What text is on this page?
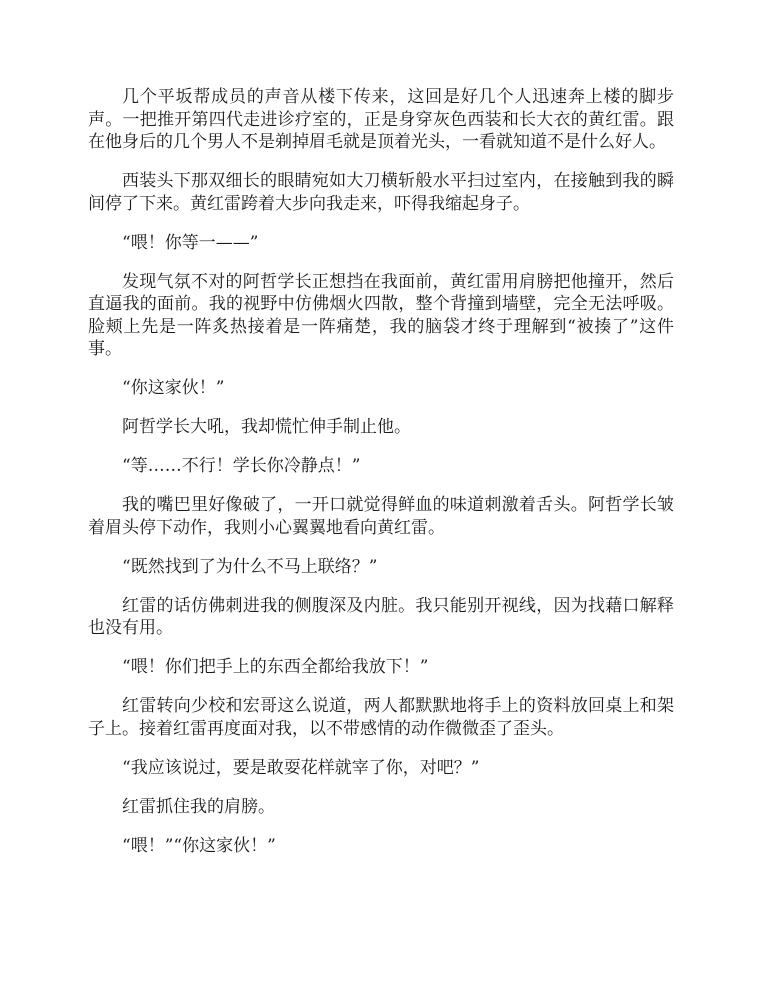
几个平坂帮成员的声音从楼下传来，这回是好几个人迅速奔上楼的脚步声。一把推开第四代走进诊疗室的，正是身穿灰色西装和长大衣的黄红雷。跟在他身后的几个男人不是剃掉眉毛就是顶着光头，一看就知道不是什么好人。

西装头下那双细长的眼睛宛如大刀横斩般水平扫过室内，在接触到我的瞬间停了下来。黄红雷跨着大步向我走来，吓得我缩起身子。

“喂！你等一——”

发现气氛不对的阿哲学长正想挡在我面前，黄红雷用肩膀把他撞开，然后直逼我的面前。我的视野中仿佛烟火四散，整个背撞到墙壁，完全无法呼吸。脸颊上先是一阵炙热接着是一阵痛楚，我的脑袋才终于理解到“被揍了”这件事。

“你这家伙！”

阿哲学长大吼，我却慌忙伸手制止他。

“等……不行！学长你冷静点！”

我的嘴巴里好像破了，一开口就觉得鲜血的味道刺激着舌头。阿哲学长皱着眉头停下动作，我则小心翼翼地看向黄红雷。

“既然找到了为什么不马上联络？”

红雷的话仿佛刺进我的侧腹深及内脏。我只能别开视线，因为找藉口解释也没有用。

“喂！你们把手上的东西全都给我放下！”

红雷转向少校和宏哥这么说道，两人都默默地将手上的资料放回桌上和架子上。接着红雷再度面对我，以不带感情的动作微微歪了歪头。

“我应该说过，要是敢耍花样就宰了你，对吧？”

红雷抓住我的肩膀。

“喂！”“你这家伙！”
